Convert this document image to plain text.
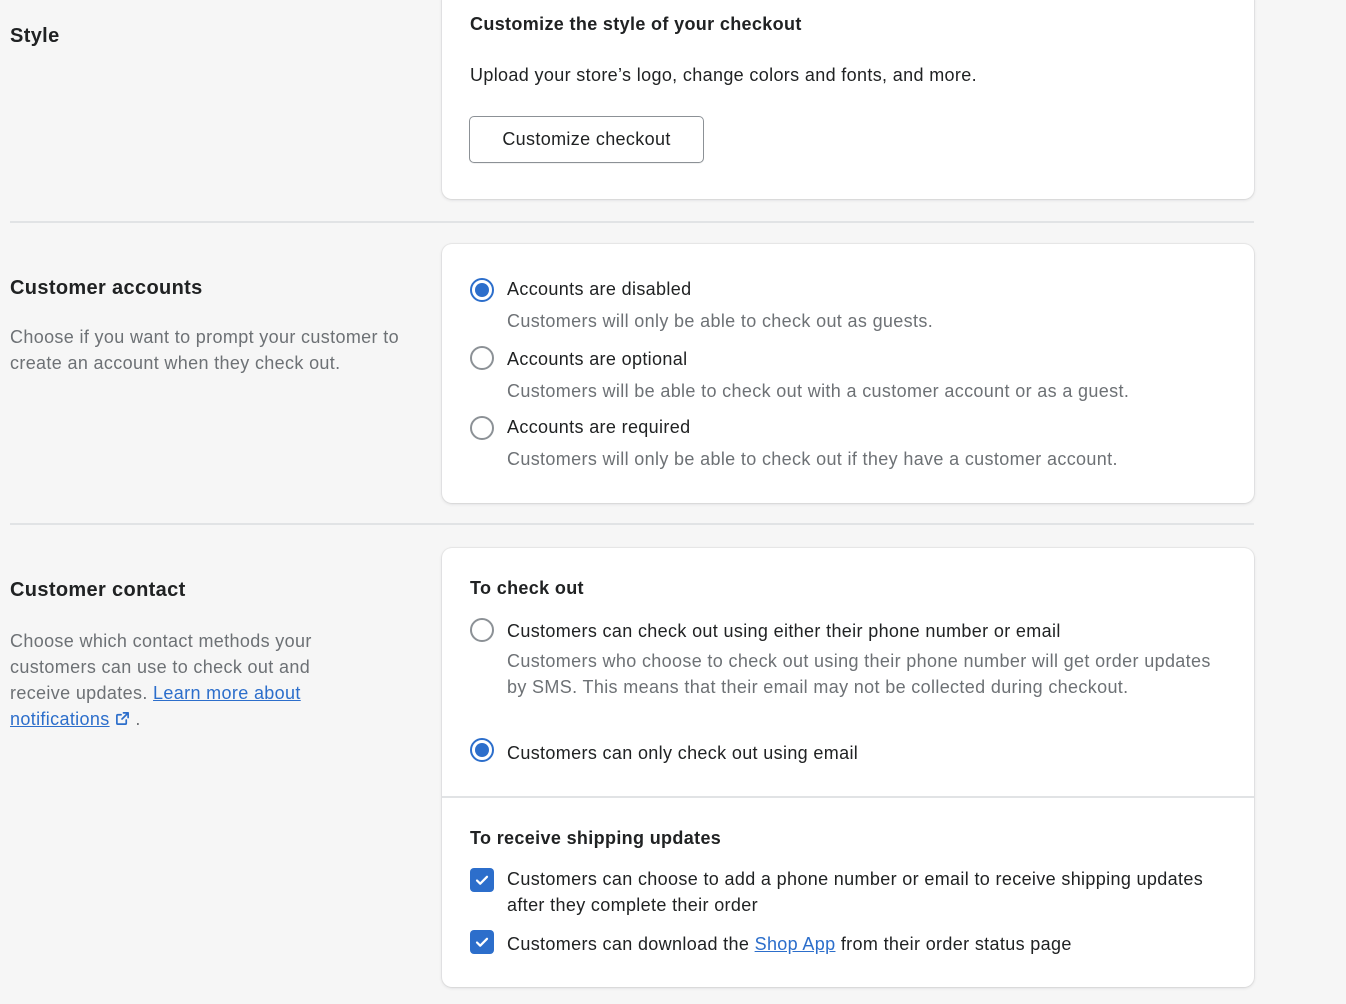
Style
Customize the style of your checkout

Upload your store’s logo, change colors and fonts, and more.

Customize checkout
Customer accounts

Choose if you want to prompt your customer to create an account when they check out.

Accounts are disabled

Customers will only be able to check out as guests.

Accounts are optional

Customers will be able to check out with a customer account or as a guest.

Accounts are required

Customers will only be able to check out if they have a customer account.

Customer contact

Choose which contact methods your customers can use to check out and receive updates. Learn more about notifications .

To check out

Customers can check out using either their phone number or email

Customers who choose to check out using their phone number will get order updates by SMS. This means that their email may not be collected during checkout.

Customers can only check out using email

To receive shipping updates

Customers can choose to add a phone number or email to receive shipping updates after they complete their order

Customers can download the Shop App from their order status page
